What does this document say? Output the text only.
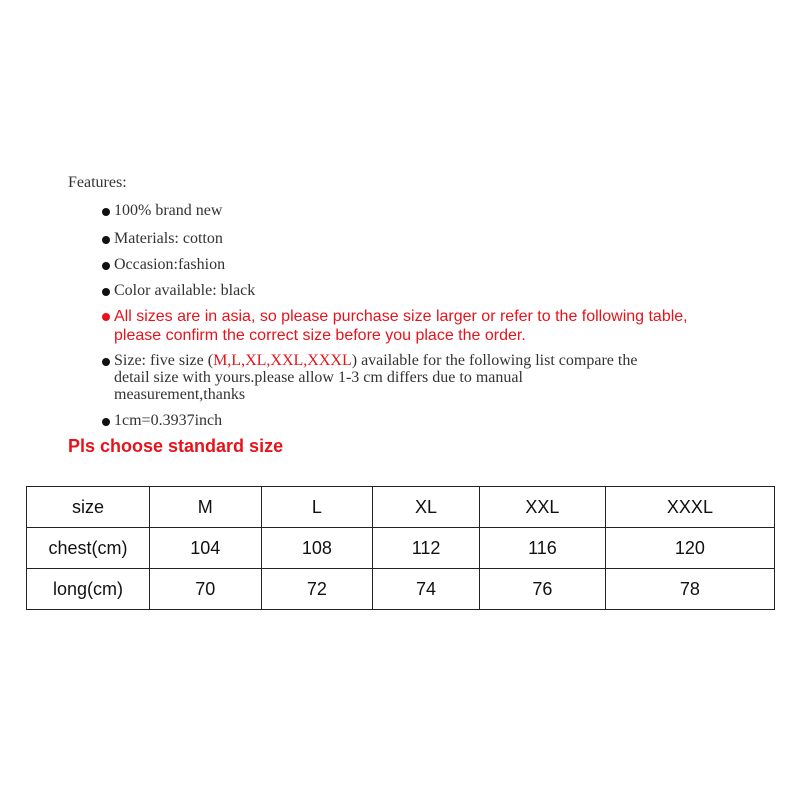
Features:
100% brand new
Materials: cotton
Occasion:fashion
Color available: black
All sizes are in asia, so please purchase size larger or refer to the following table,
please confirm the correct size before you place the order.
Size: five size (M,L,XL,XXL,XXXL) available for the following list compare the
detail size with yours.please allow 1-3 cm differs due to manual
measurement,thanks
1cm=0.3937inch
Pls choose standard size
size	M	L	XL	XXL	XXXL
chest(cm)	104	108	112	116	120
long(cm)	70	72	74	76	78
